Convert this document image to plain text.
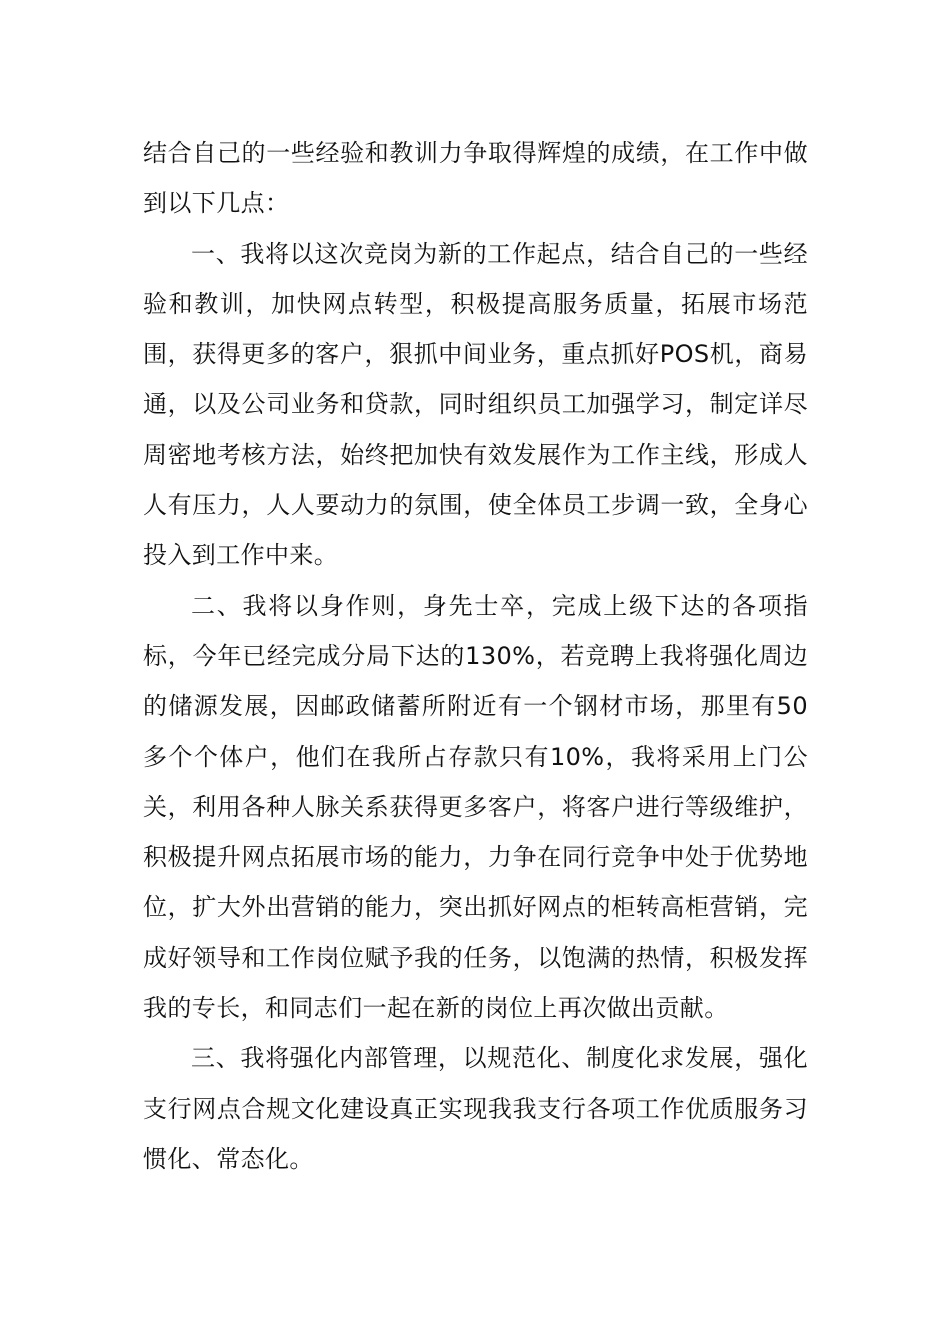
结合自己的一些经验和教训力争取得辉煌的成绩，在工作中做到以下几点：

一、我将以这次竞岗为新的工作起点，结合自己的一些经验和教训，加快网点转型，积极提高服务质量，拓展市场范围，获得更多的客户，狠抓中间业务，重点抓好POS机，商易通，以及公司业务和贷款，同时组织员工加强学习，制定详尽周密地考核方法，始终把加快有效发展作为工作主线，形成人人有压力，人人要动力的氛围，使全体员工步调一致，全身心投入到工作中来。

二、我将以身作则，身先士卒，完成上级下达的各项指标，今年已经完成分局下达的130%，若竞聘上我将强化周边的储源发展，因邮政储蓄所附近有一个钢材市场，那里有50多个个体户，他们在我所占存款只有10%，我将采用上门公关，利用各种人脉关系获得更多客户，将客户进行等级维护，积极提升网点拓展市场的能力，力争在同行竞争中处于优势地位，扩大外出营销的能力，突出抓好网点的柜转高柜营销，完成好领导和工作岗位赋予我的任务，以饱满的热情，积极发挥我的专长，和同志们一起在新的岗位上再次做出贡献。

三、我将强化内部管理，以规范化、制度化求发展，强化支行网点合规文化建设真正实现我我支行各项工作优质服务习惯化、常态化。
